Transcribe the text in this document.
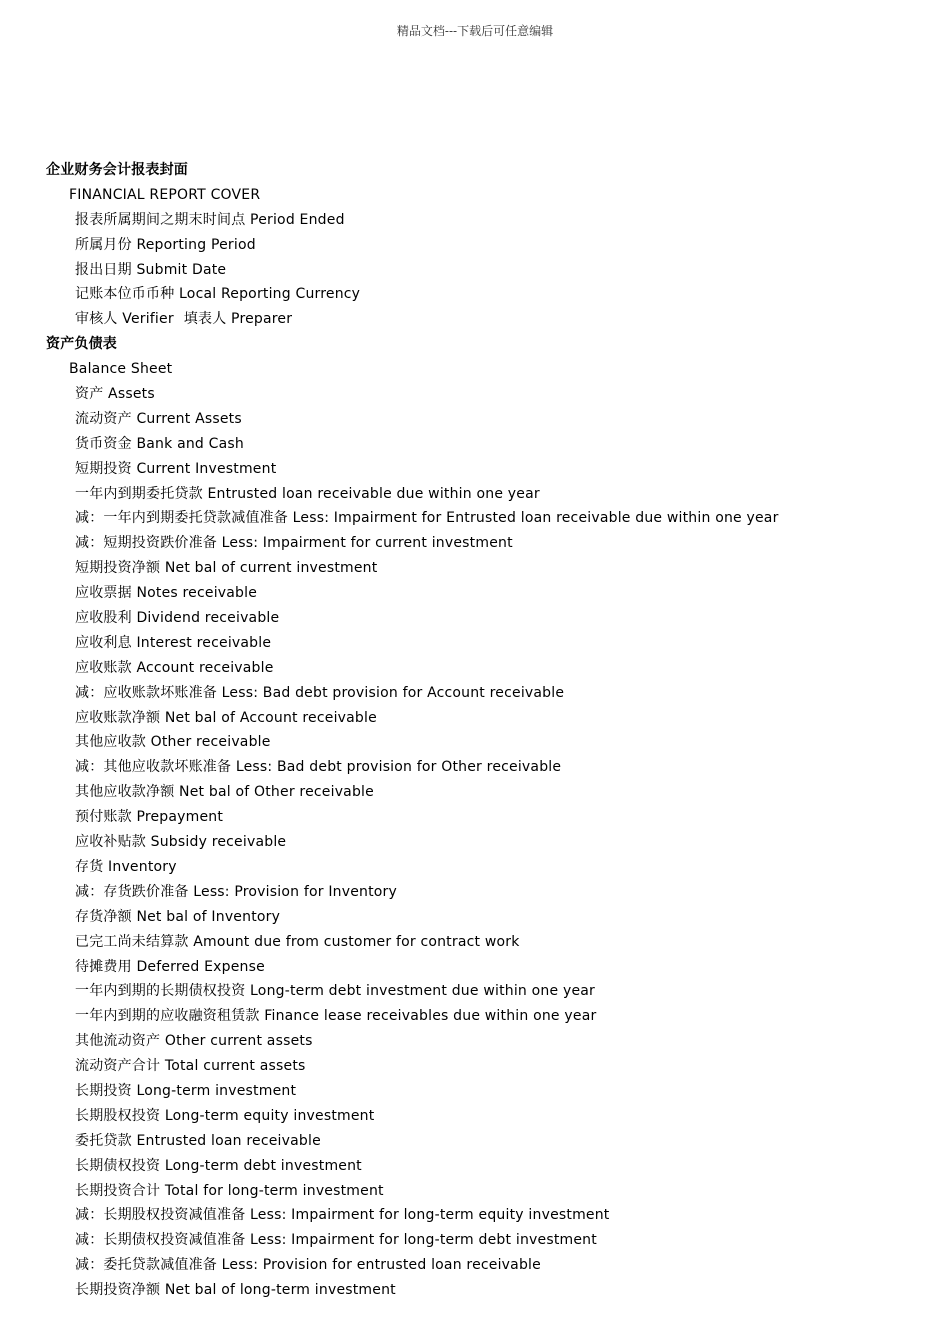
精品文档---下载后可任意编辑
企业财务会计报表封面
FINANCIAL REPORT COVER
报表所属期间之期末时间点 Period Ended
所属月份 Reporting Period
报出日期 Submit Date
记账本位币币种 Local Reporting Currency
审核人 Verifier 填表人 Preparer
资产负债表
Balance Sheet
资产 Assets
流动资产 Current Assets
货币资金 Bank and Cash
短期投资 Current Investment
一年内到期委托贷款 Entrusted loan receivable due within one year
减：一年内到期委托贷款减值准备 Less: Impairment for Entrusted loan receivable due within one year
减：短期投资跌价准备 Less: Impairment for current investment
短期投资净额 Net bal of current investment
应收票据 Notes receivable
应收股利 Dividend receivable
应收利息 Interest receivable
应收账款 Account receivable
减：应收账款坏账准备 Less: Bad debt provision for Account receivable
应收账款净额 Net bal of Account receivable
其他应收款 Other receivable
减：其他应收款坏账准备 Less: Bad debt provision for Other receivable
其他应收款净额 Net bal of Other receivable
预付账款 Prepayment
应收补贴款 Subsidy receivable
存货 Inventory
减：存货跌价准备 Less: Provision for Inventory
存货净额 Net bal of Inventory
已完工尚未结算款 Amount due from customer for contract work
待摊费用 Deferred Expense
一年内到期的长期债权投资 Long-term debt investment due within one year
一年内到期的应收融资租赁款 Finance lease receivables due within one year
其他流动资产 Other current assets
流动资产合计 Total current assets
长期投资 Long-term investment
长期股权投资 Long-term equity investment
委托贷款 Entrusted loan receivable
长期债权投资 Long-term debt investment
长期投资合计 Total for long-term investment
减：长期股权投资减值准备 Less: Impairment for long-term equity investment
减：长期债权投资减值准备 Less: Impairment for long-term debt investment
减：委托贷款减值准备 Less: Provision for entrusted loan receivable
长期投资净额 Net bal of long-term investment
